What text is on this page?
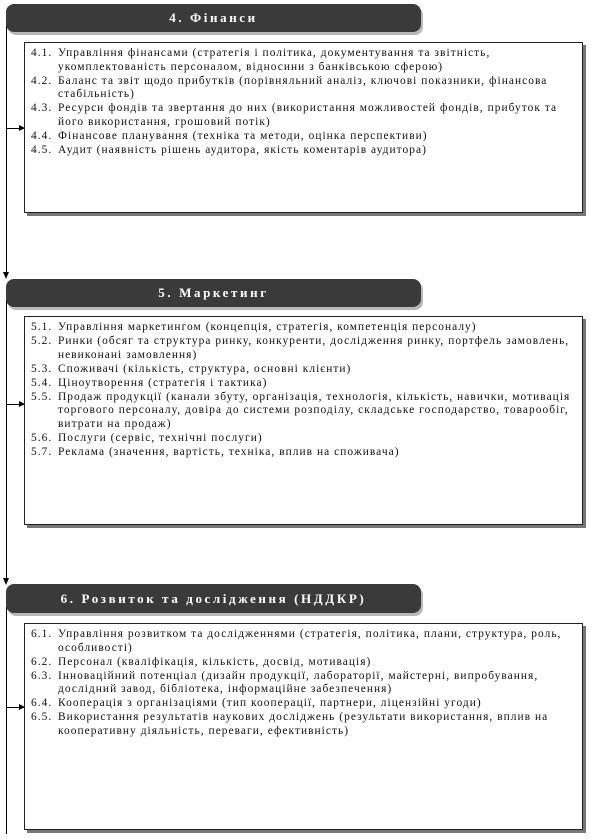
4. Фінанси
4.1. Управління фінансами (стратегія і політика, документування та звітність, укомплектованість персоналом, відносини з банківською сферою)
4.2. Баланс та звіт щодо прибутків (порівняльний аналіз, ключові показники, фінансова стабільність)
4.3. Ресурси фондів та звертання до них (використання можливостей фондів, прибуток та його використання, грошовий потік)
4.4. Фінансове планування (техніка та методи, оцінка перспективи)
4.5. Аудит (наявність рішень аудитора, якість коментарів аудитора)
5. Маркетинг
5.1. Управління маркетингом (концепція, стратегія, компетенція персоналу)
5.2. Ринки (обсяг та структура ринку, конкуренти, дослідження ринку, портфель замовлень, невиконані замовлення)
5.3. Споживачі (кількість, структура, основні клієнти)
5.4. Ціноутворення (стратегія і тактика)
5.5. Продаж продукції (канали збуту, організація, технологія, кількість, навички, мотивація торгового персоналу, довіра до системи розподілу, складське господарство, товарообіг, витрати на продаж)
5.6. Послуги (сервіс, технічні послуги)
5.7. Реклама (значення, вартість, техніка, вплив на споживача)
6. Розвиток та дослідження (НДДКР)
6.1. Управління розвитком та дослідженнями (стратегія, політика, плани, структура, роль, особливості)
6.2. Персонал (кваліфікація, кількість, досвід, мотивація)
6.3. Інноваційний потенціал (дизайн продукції, лабораторії, майстерні, випробування, дослідний завод, бібліотека, інформаційне забезпечення)
6.4. Кооперація з організаціями (тип кооперації, партнери, ліцензійні угоди)
6.5. Використання результатів наукових досліджень (результати використання, вплив на кооперативну діяльність, переваги, ефективність)
